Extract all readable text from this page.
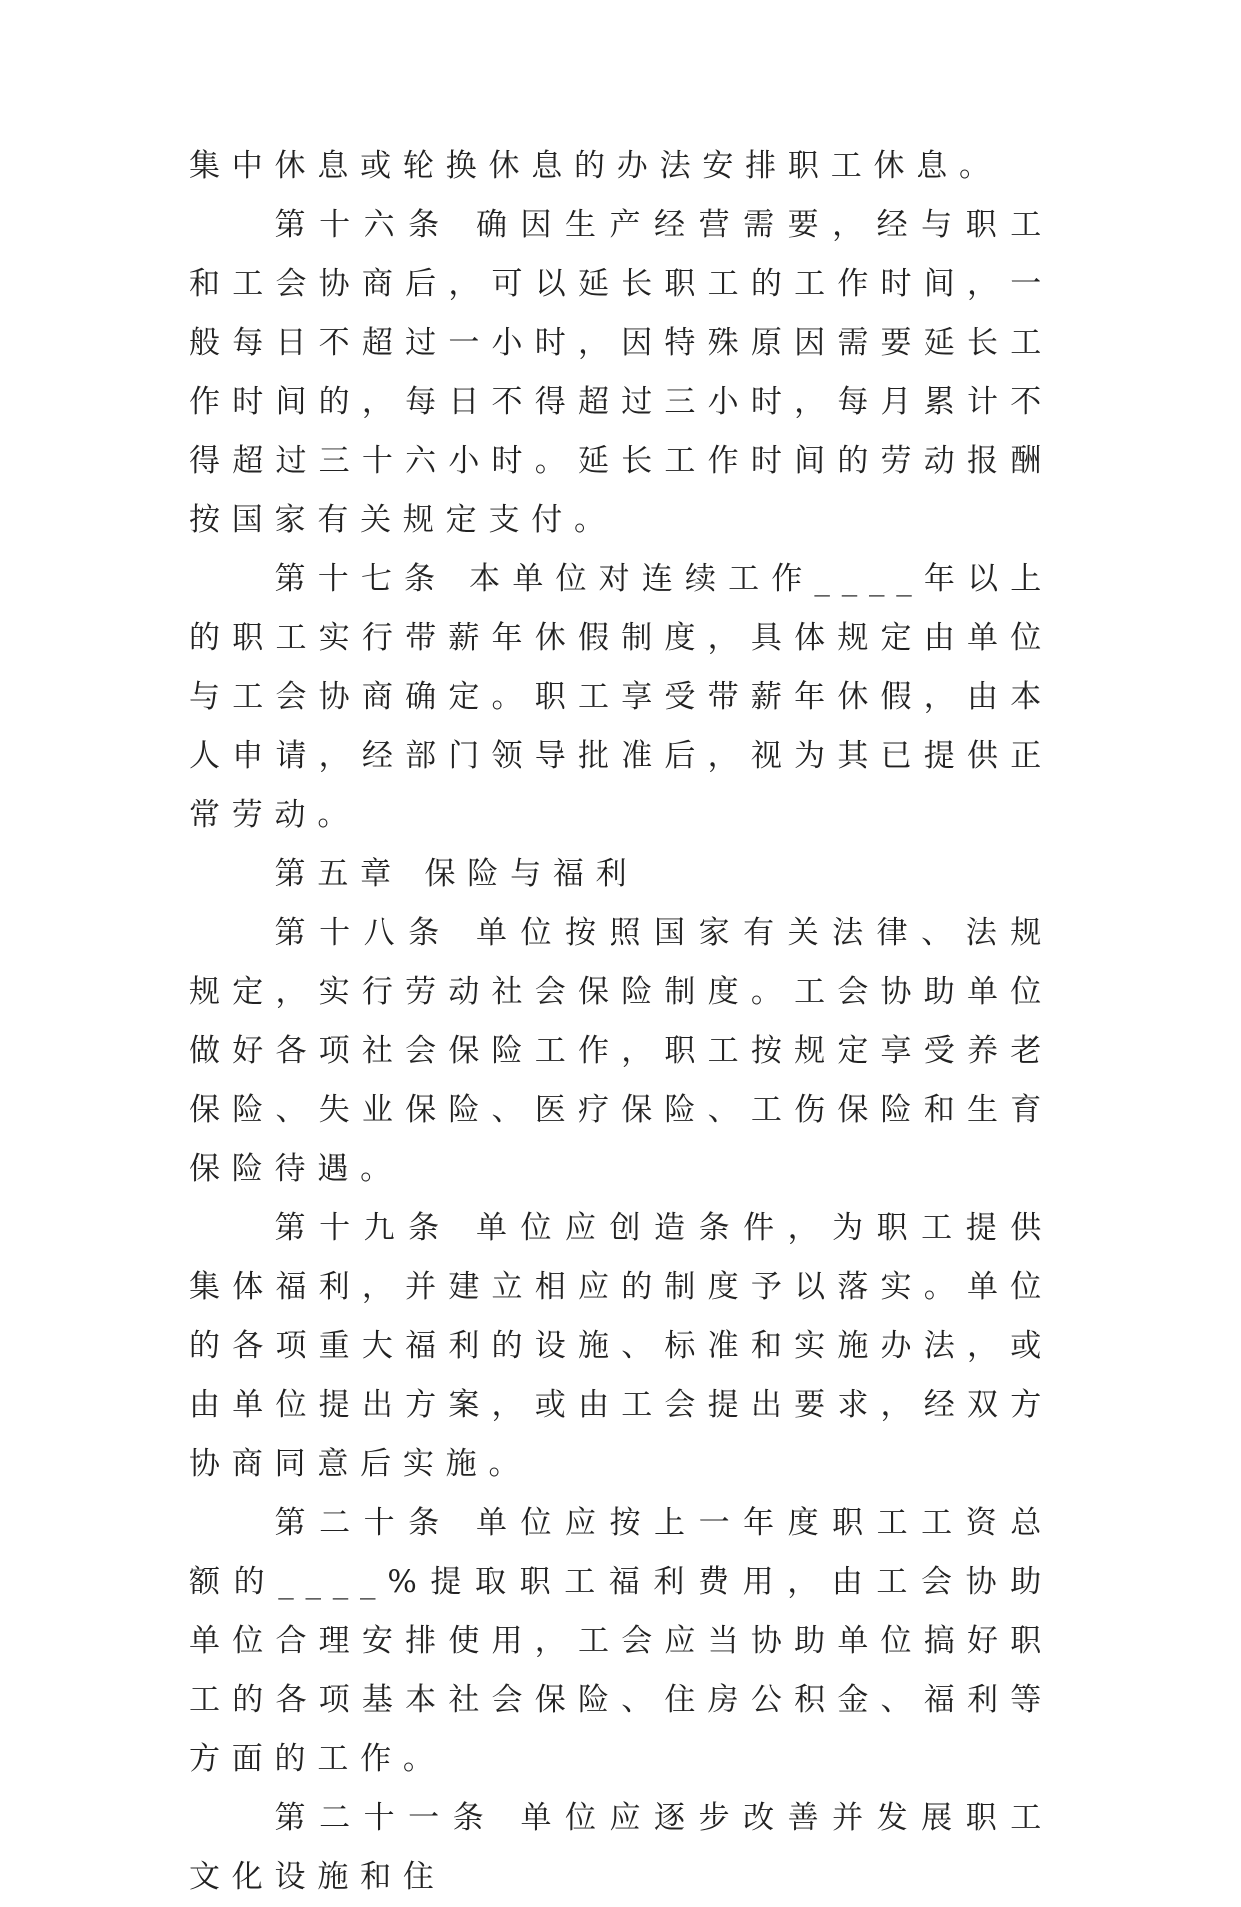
集中休息或轮换休息的办法安排职工休息。

第十六条 确因生产经营需要，经与职工和工会协商后，可以延长职工的工作时间，一般每日不超过一小时，因特殊原因需要延长工作时间的，每日不得超过三小时，每月累计不得超过三十六小时。延长工作时间的劳动报酬按国家有关规定支付。

第十七条 本单位对连续工作____年以上的职工实行带薪年休假制度，具体规定由单位与工会协商确定。职工享受带薪年休假，由本人申请，经部门领导批准后，视为其已提供正常劳动。

第五章 保险与福利

第十八条 单位按照国家有关法律、法规规定，实行劳动社会保险制度。工会协助单位做好各项社会保险工作，职工按规定享受养老保险、失业保险、医疗保险、工伤保险和生育保险待遇。

第十九条 单位应创造条件，为职工提供集体福利，并建立相应的制度予以落实。单位的各项重大福利的设施、标准和实施办法，或由单位提出方案，或由工会提出要求，经双方协商同意后实施。

第二十条 单位应按上一年度职工工资总额的____%提取职工福利费用，由工会协助单位合理安排使用，工会应当协助单位搞好职工的各项基本社会保险、住房公积金、福利等方面的工作。

第二十一条 单位应逐步改善并发展职工文化设施和住
